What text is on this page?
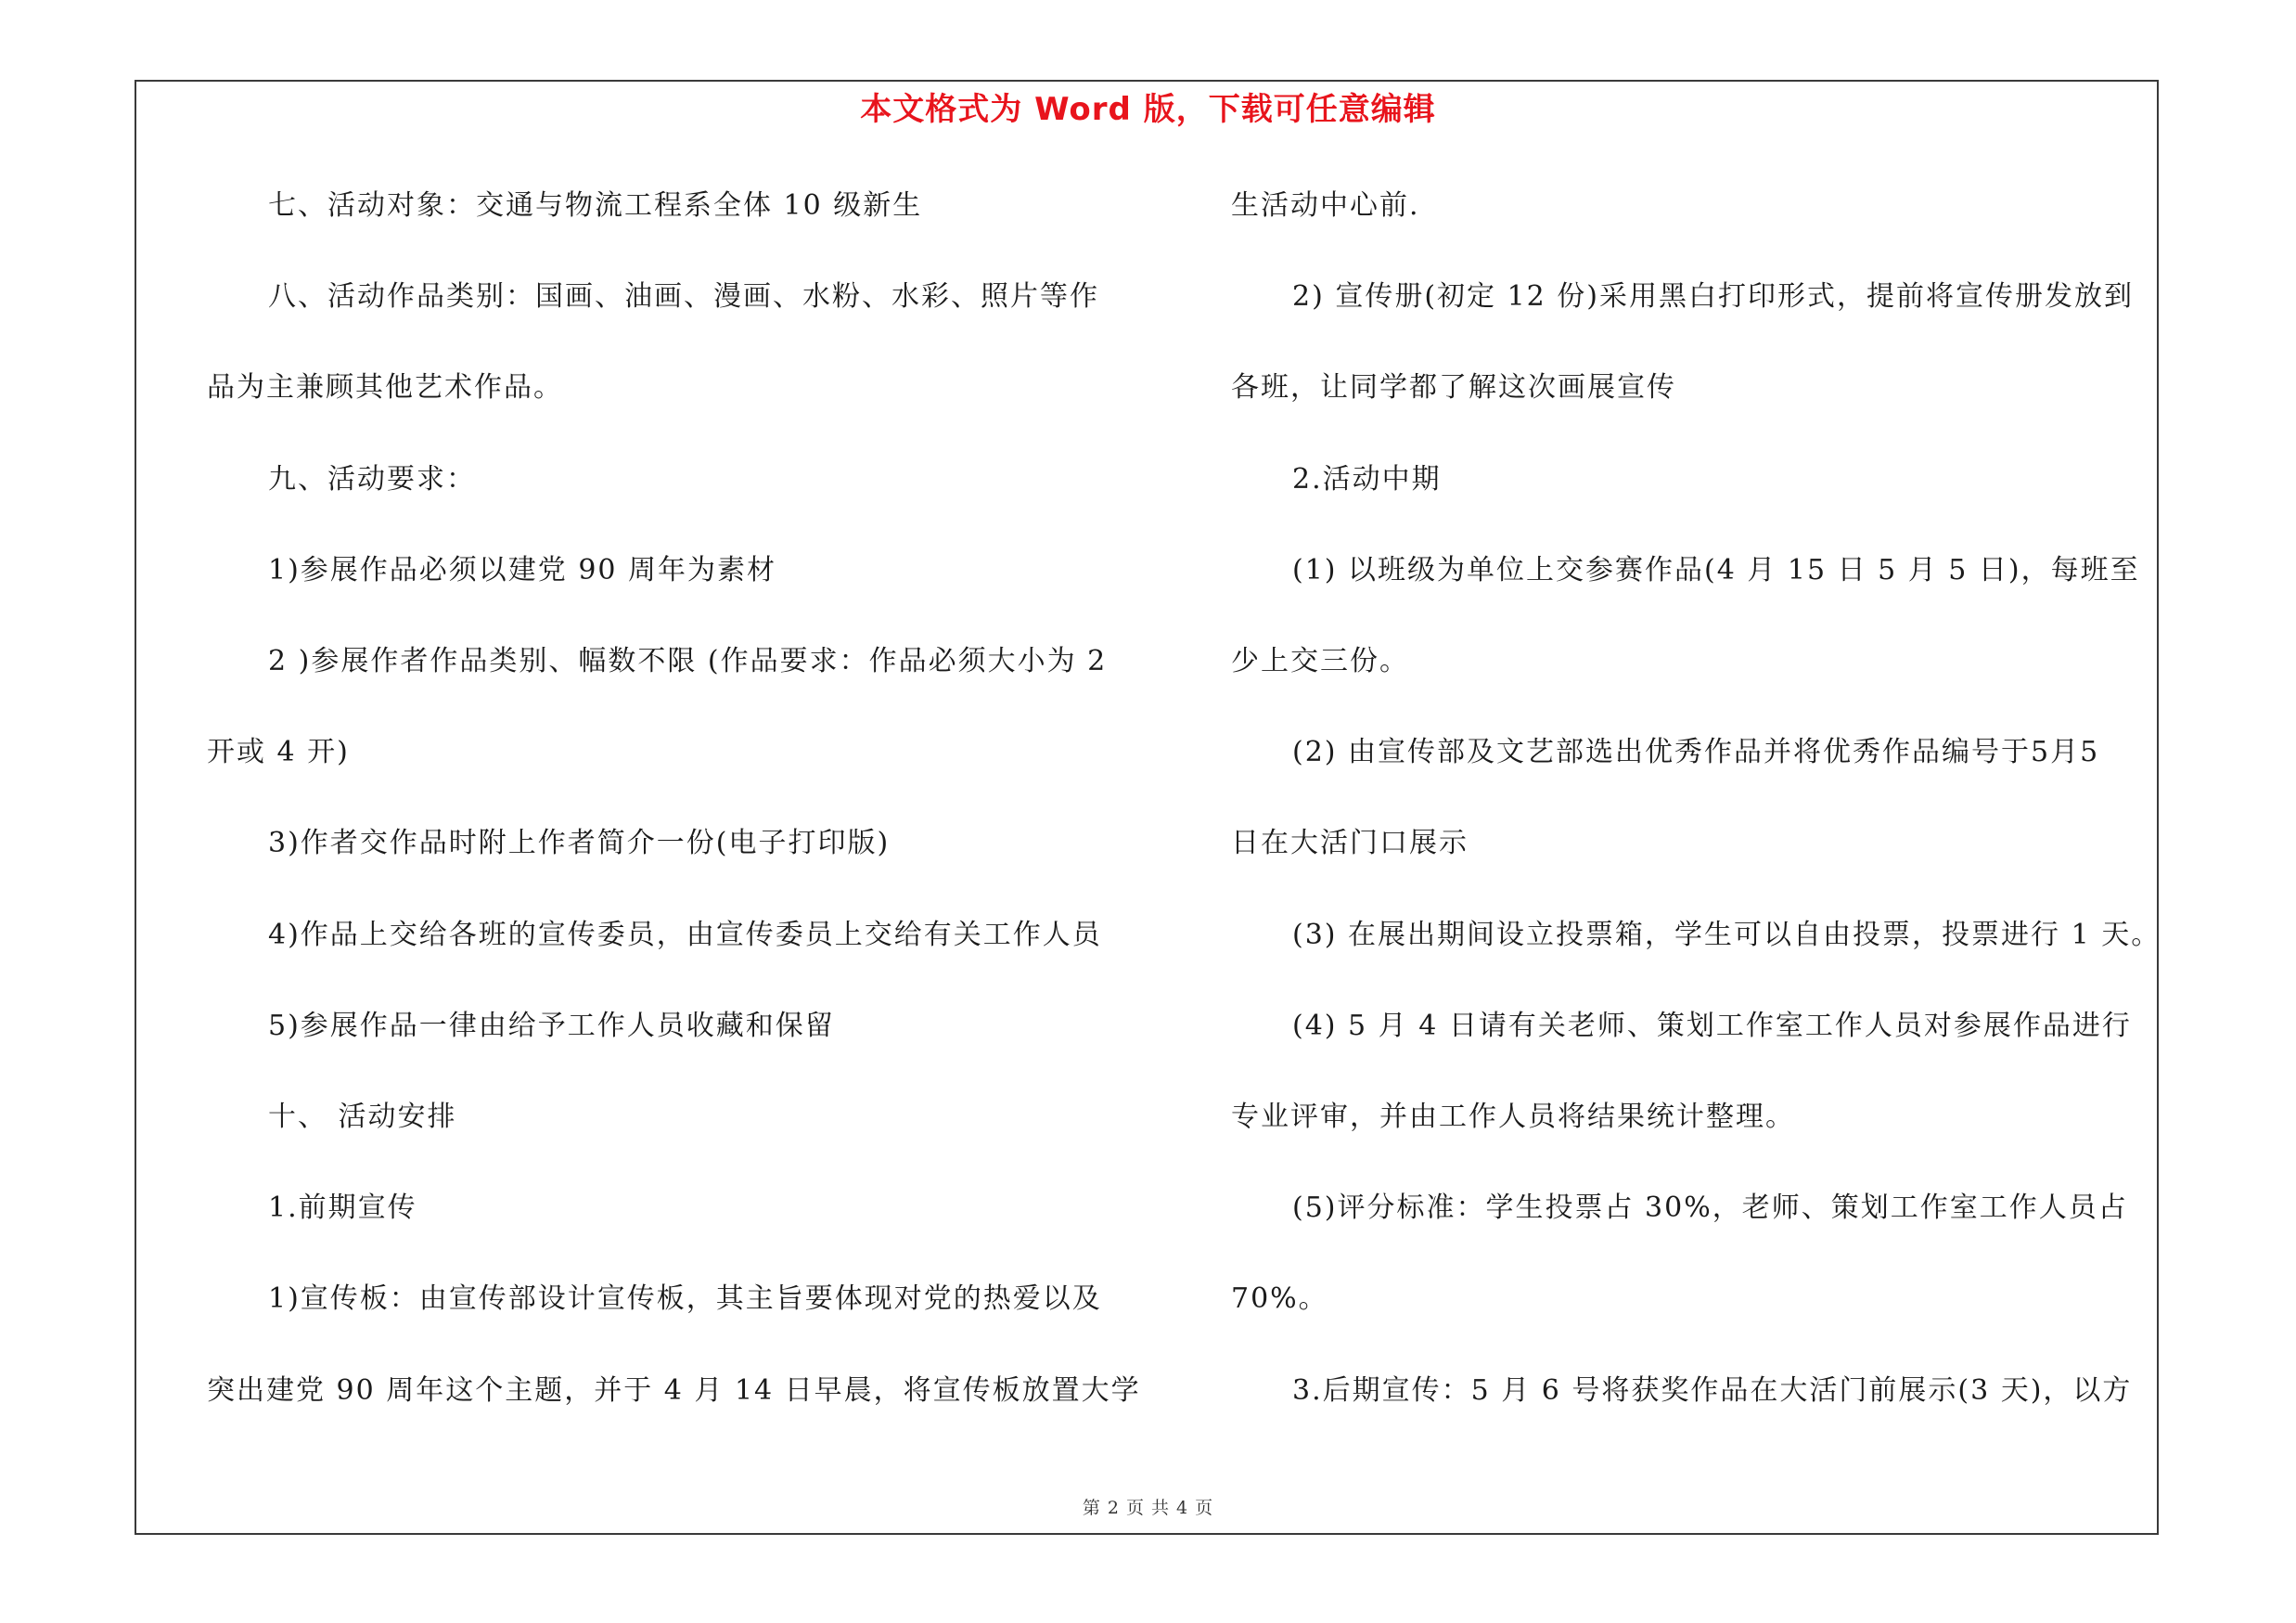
本文格式为 Word 版，下载可任意编辑
七、活动对象：交通与物流工程系全体 10 级新生
八、活动作品类别：国画、油画、漫画、水粉、水彩、照片等作
品为主兼顾其他艺术作品。
九、活动要求：
1)参展作品必须以建党 90 周年为素材
2 )参展作者作品类别、幅数不限 (作品要求：作品必须大小为 2
开或 4 开)
3)作者交作品时附上作者简介一份(电子打印版)
4)作品上交给各班的宣传委员，由宣传委员上交给有关工作人员
5)参展作品一律由给予工作人员收藏和保留
十、 活动安排
1.前期宣传
1)宣传板：由宣传部设计宣传板，其主旨要体现对党的热爱以及
突出建党 90 周年这个主题，并于 4 月 14 日早晨，将宣传板放置大学
生活动中心前.
2) 宣传册(初定 12 份)采用黑白打印形式，提前将宣传册发放到
各班，让同学都了解这次画展宣传
2.活动中期
(1) 以班级为单位上交参赛作品(4 月 15 日 5 月 5 日)，每班至
少上交三份。
(2) 由宣传部及文艺部选出优秀作品并将优秀作品编号于5月5
日在大活门口展示
(3) 在展出期间设立投票箱，学生可以自由投票，投票进行 1 天。
(4) 5 月 4 日请有关老师、策划工作室工作人员对参展作品进行
专业评审，并由工作人员将结果统计整理。
(5)评分标准：学生投票占 30%，老师、策划工作室工作人员占
70%。
3.后期宣传：5 月 6 号将获奖作品在大活门前展示(3 天)，以方
第 2 页 共 4 页
